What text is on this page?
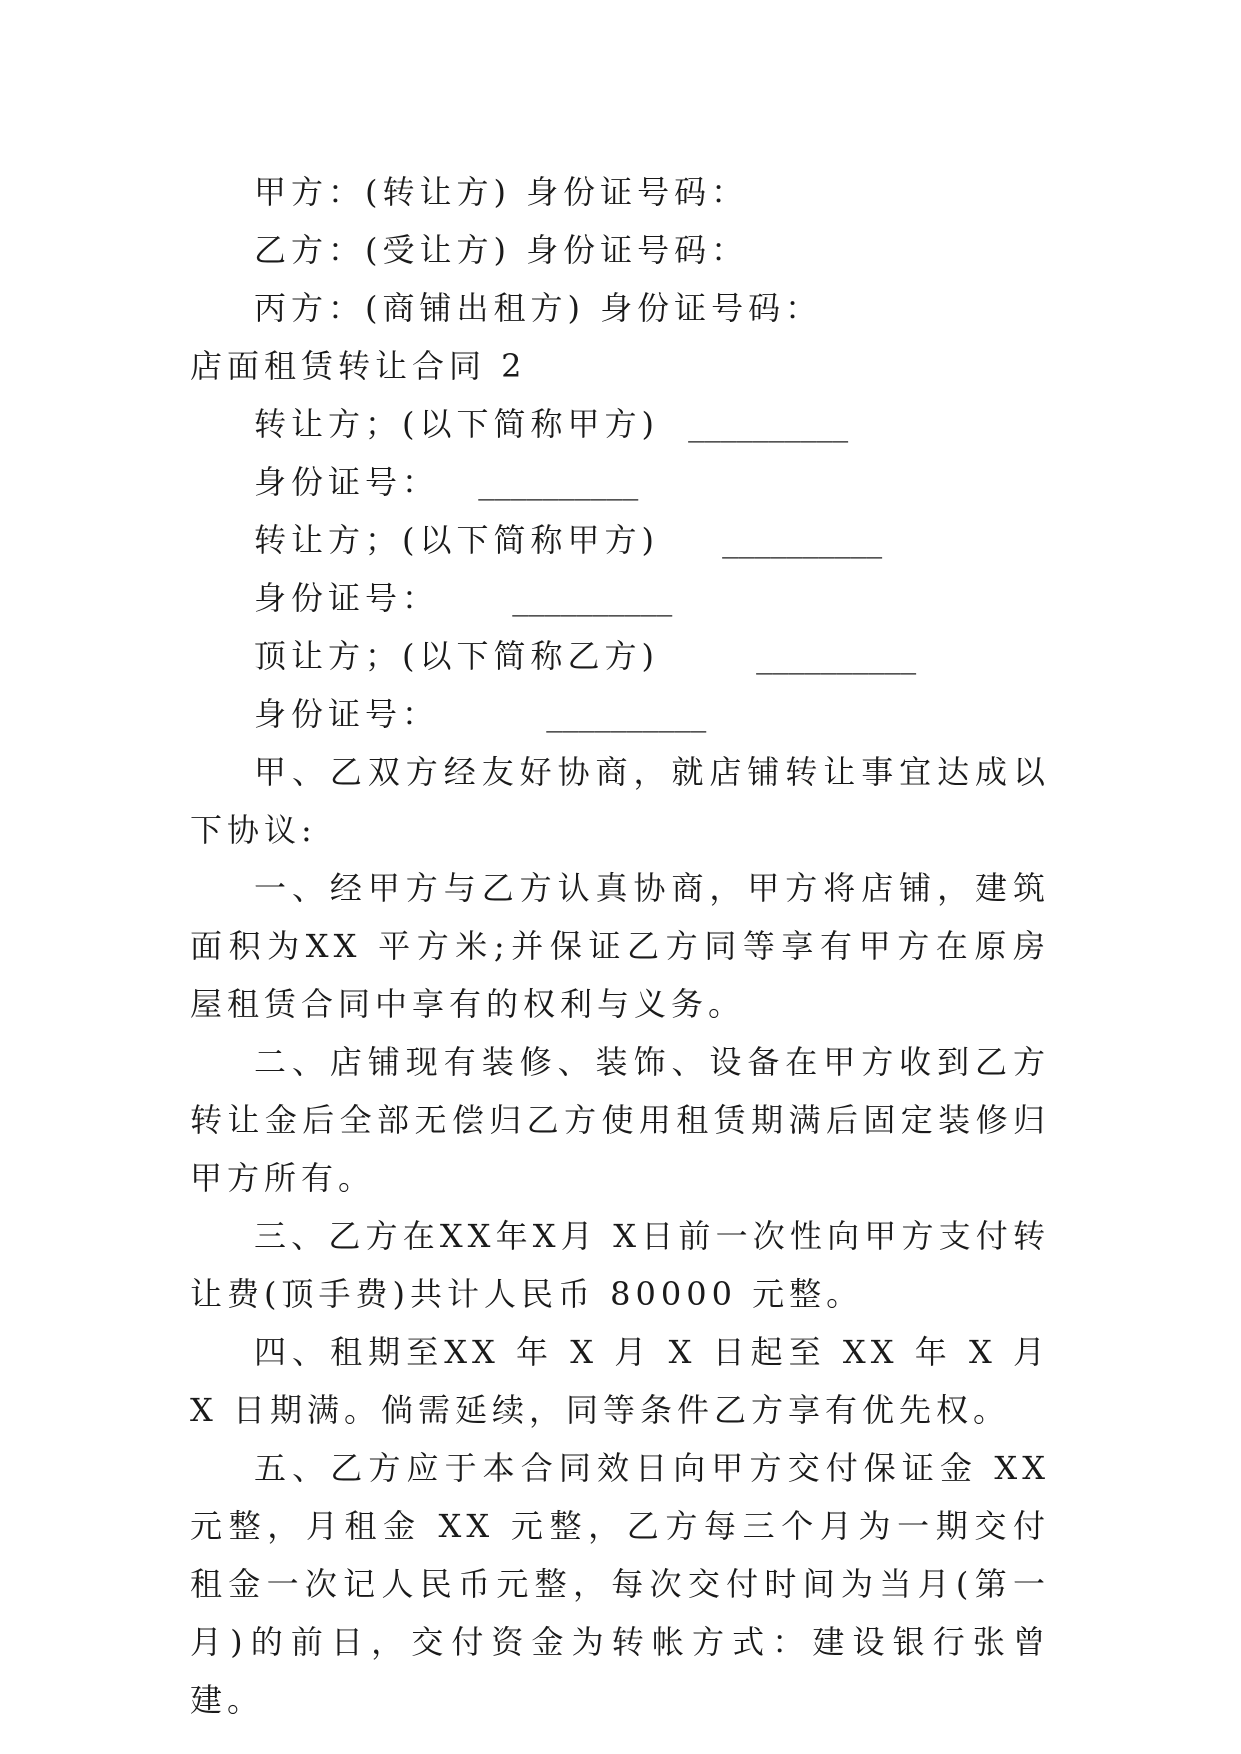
甲方：(转让方) 身份证号码：
乙方：(受让方) 身份证号码：
丙方：(商铺出租方) 身份证号码：
店面租赁转让合同 2
转让方；(以下简称甲方) __________
身份证号： __________
转让方；(以下简称甲方) __________
身份证号： __________
顶让方；(以下简称乙方)	__________
身份证号：	__________

甲、乙双方经友好协商，就店铺转让事宜达成以下协议:

一、经甲方与乙方认真协商，甲方将店铺，建筑面积为XX 平方米;并保证乙方同等享有甲方在原房屋租赁合同中享有的权利与义务。

二、店铺现有装修、装饰、设备在甲方收到乙方转让金后全部无偿归乙方使用租赁期满后固定装修归甲方所有。

三、乙方在XX年X月 X日前一次性向甲方支付转让费(顶手费)共计人民币 80000 元整。

四、租期至XX 年 X 月 X 日起至 XX 年 X 月 X 日期满。倘需延续，同等条件乙方享有优先权。

五、乙方应于本合同效日向甲方交付保证金 XX 元整，月租金 XX 元整，乙方每三个月为一期交付租金一次记人民币元整，每次交付时间为当月(第一月)的前日，交付资金为转帐方式：建设银行张曾建。
